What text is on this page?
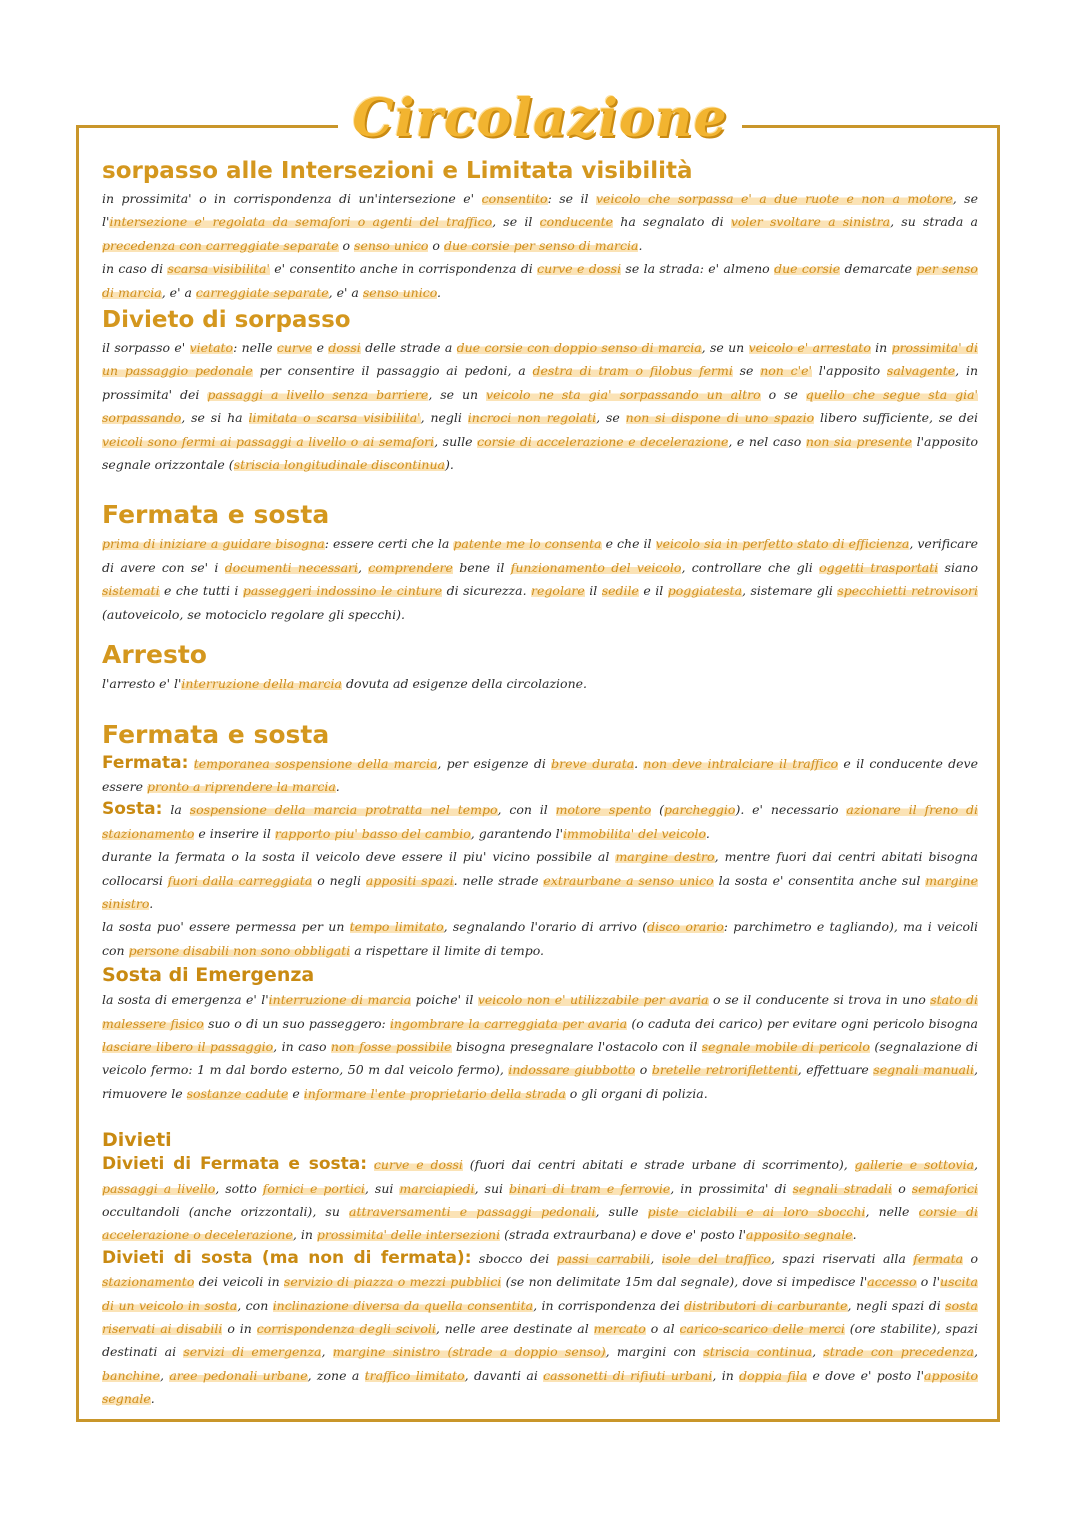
Circolazione
sorpasso alle Intersezioni e Limitata visibilità

in prossimita' o in corrispondenza di un'intersezione e' consentito: se il veicolo che sorpassa e' a due ruote e non a motore, se l'intersezione e' regolata da semafori o agenti del traffico, se il conducente ha segnalato di voler svoltare a sinistra, su strada a precedenza con carreggiate separate o senso unico o due corsie per senso di marcia.

in caso di scarsa visibilita' e' consentito anche in corrispondenza di curve e dossi se la strada: e' almeno due corsie demarcate per senso di marcia, e' a carreggiate separate, e' a senso unico.

Divieto di sorpasso

il sorpasso e' vietato: nelle curve e dossi delle strade a due corsie con doppio senso di marcia, se un veicolo e' arrestato in prossimita' di un passaggio pedonale per consentire il passaggio ai pedoni, a destra di tram o filobus fermi se non c'e' l'apposito salvagente, in prossimita' dei passaggi a livello senza barriere, se un veicolo ne sta gia' sorpassando un altro o se quello che segue sta gia' sorpassando, se si ha limitata o scarsa visibilita', negli incroci non regolati, se non si dispone di uno spazio libero sufficiente, se dei veicoli sono fermi ai passaggi a livello o ai semafori, sulle corsie di accelerazione e decelerazione, e nel caso non sia presente l'apposito segnale orizzontale (striscia longitudinale discontinua).

Fermata e sosta

prima di iniziare a guidare bisogna: essere certi che la patente me lo consenta e che il veicolo sia in perfetto stato di efficienza, verificare di avere con se' i documenti necessari, comprendere bene il funzionamento del veicolo, controllare che gli oggetti trasportati siano sistemati e che tutti i passeggeri indossino le cinture di sicurezza. regolare il sedile e il poggiatesta, sistemare gli specchietti retrovisori (autoveicolo, se motociclo regolare gli specchi).

Arresto

l'arresto e' l'interruzione della marcia dovuta ad esigenze della circolazione.

Fermata e sosta

Fermata: temporanea sospensione della marcia, per esigenze di breve durata. non deve intralciare il traffico e il conducente deve essere pronto a riprendere la marcia.

Sosta: la sospensione della marcia protratta nel tempo, con il motore spento (parcheggio). e' necessario azionare il freno di stazionamento e inserire il rapporto piu' basso del cambio, garantendo l'immobilita' del veicolo.

durante la fermata o la sosta il veicolo deve essere il piu' vicino possibile al margine destro, mentre fuori dai centri abitati bisogna collocarsi fuori dalla carreggiata o negli appositi spazi. nelle strade extraurbane a senso unico la sosta e' consentita anche sul margine sinistro.

la sosta puo' essere permessa per un tempo limitato, segnalando l'orario di arrivo (disco orario: parchimetro e tagliando), ma i veicoli con persone disabili non sono obbligati a rispettare il limite di tempo.

Sosta di Emergenza

la sosta di emergenza e' l'interruzione di marcia poiche' il veicolo non e' utilizzabile per avaria o se il conducente si trova in uno stato di malessere fisico suo o di un suo passeggero: ingombrare la carreggiata per avaria (o caduta dei carico) per evitare ogni pericolo bisogna lasciare libero il passaggio, in caso non fosse possibile bisogna presegnalare l'ostacolo con il segnale mobile di pericolo (segnalazione di veicolo fermo: 1 m dal bordo esterno, 50 m dal veicolo fermo), indossare giubbotto o bretelle retroriflettenti, effettuare segnali manuali, rimuovere le sostanze cadute e informare l'ente proprietario della strada o gli organi di polizia.

Divieti

Divieti di Fermata e sosta: curve e dossi (fuori dai centri abitati e strade urbane di scorrimento), gallerie e sottovia, passaggi a livello, sotto fornici e portici, sui marciapiedi, sui binari di tram e ferrovie, in prossimita' di segnali stradali o semaforici occultandoli (anche orizzontali), su attraversamenti e passaggi pedonali, sulle piste ciclabili e ai loro sbocchi, nelle corsie di accelerazione o decelerazione, in prossimita' delle intersezioni (strada extraurbana) e dove e' posto l'apposito segnale.

Divieti di sosta (ma non di fermata): sbocco dei passi carrabili, isole del traffico, spazi riservati alla fermata o stazionamento dei veicoli in servizio di piazza o mezzi pubblici (se non delimitate 15m dal segnale), dove si impedisce l'accesso o l'uscita di un veicolo in sosta, con inclinazione diversa da quella consentita, in corrispondenza dei distributori di carburante, negli spazi di sosta riservati ai disabili o in corrispondenza degli scivoli, nelle aree destinate al mercato o al carico-scarico delle merci (ore stabilite), spazi destinati ai servizi di emergenza, margine sinistro (strade a doppio senso), margini con striscia continua, strade con precedenza, banchine, aree pedonali urbane, zone a traffico limitato, davanti ai cassonetti di rifiuti urbani, in doppia fila e dove e' posto l'apposito segnale.
